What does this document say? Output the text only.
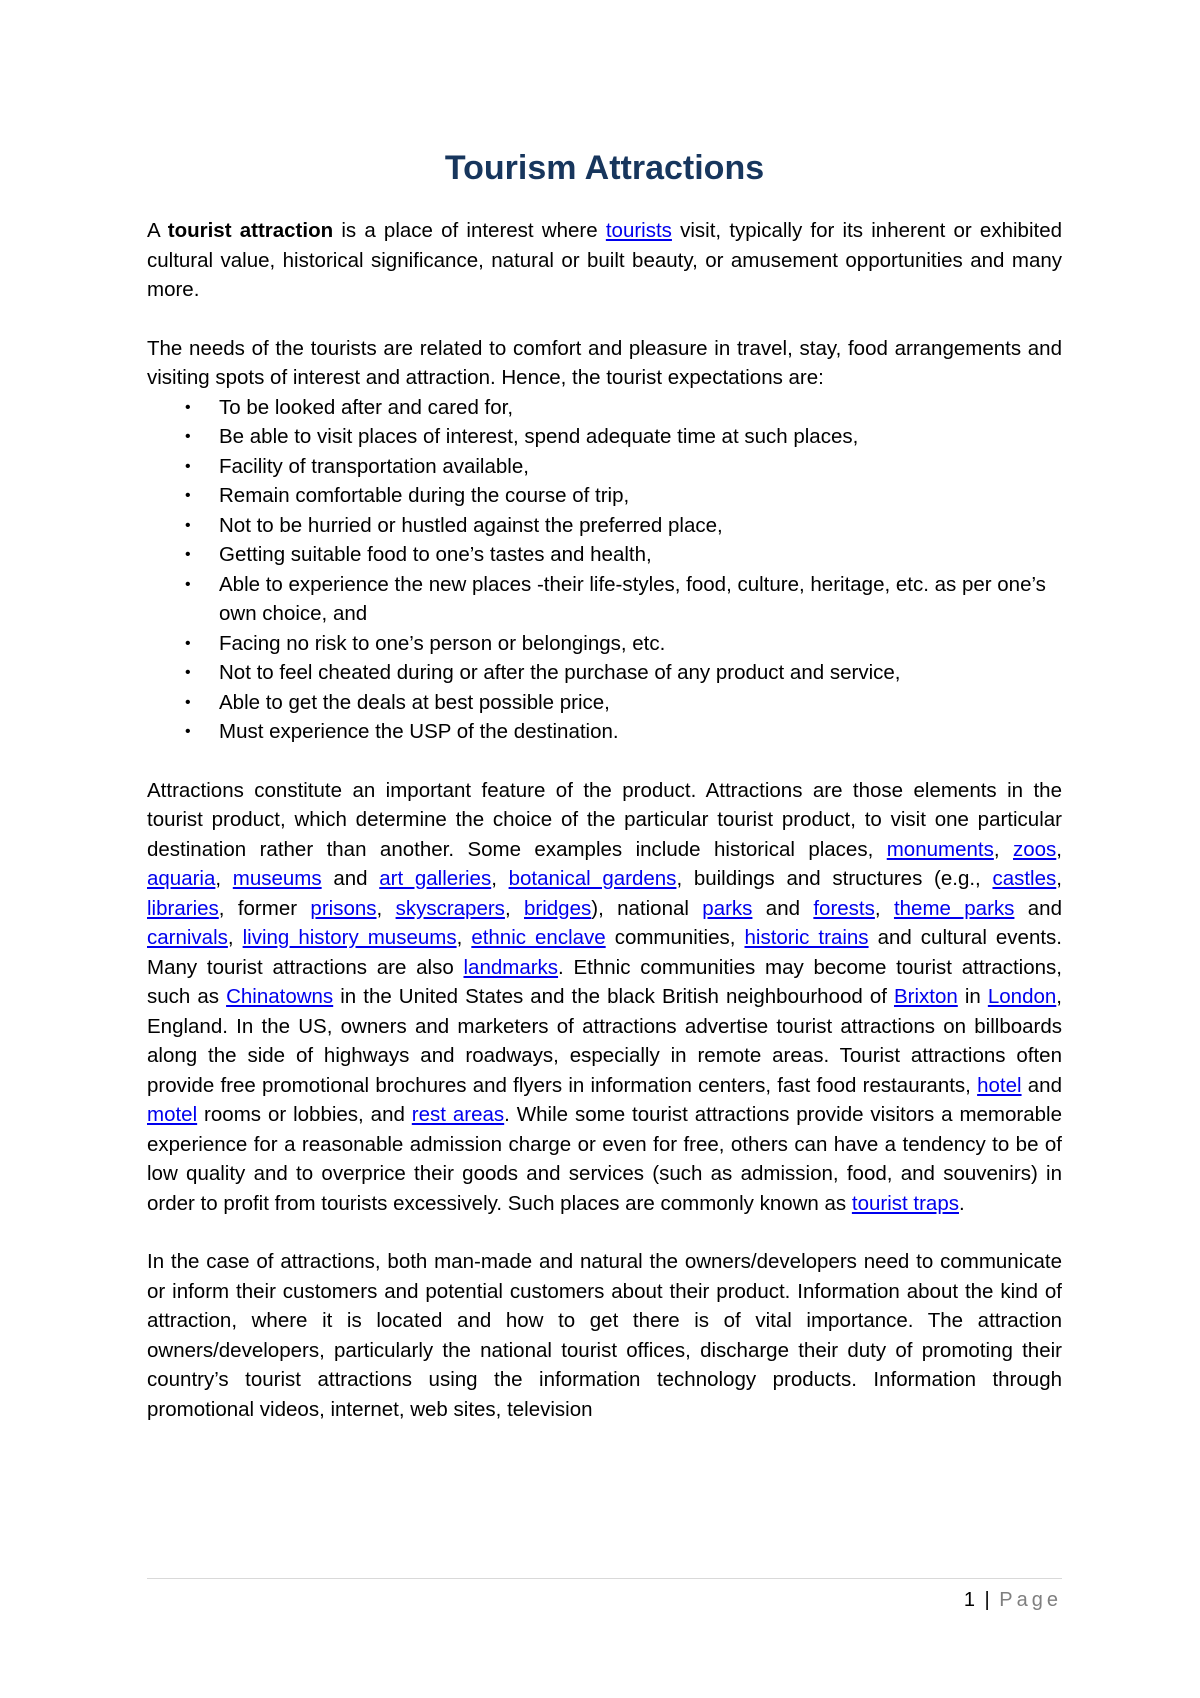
Tourism Attractions

A tourist attraction is a place of interest where tourists visit, typically for its inherent or exhibited cultural value, historical significance, natural or built beauty, or amusement opportunities and many more.

The needs of the tourists are related to comfort and pleasure in travel, stay, food arrangements and visiting spots of interest and attraction. Hence, the tourist expectations are:

• To be looked after and cared for,
• Be able to visit places of interest, spend adequate time at such places,
• Facility of transportation available,
• Remain comfortable during the course of trip,
• Not to be hurried or hustled against the preferred place,
• Getting suitable food to one’s tastes and health,
• Able to experience the new places -their life-styles, food, culture, heritage, etc. as per one’s own choice, and
• Facing no risk to one’s person or belongings, etc.
• Not to feel cheated during or after the purchase of any product and service,
• Able to get the deals at best possible price,
• Must experience the USP of the destination.

Attractions constitute an important feature of the product. Attractions are those elements in the tourist product, which determine the choice of the particular tourist product, to visit one particular destination rather than another. Some examples include historical places, monuments, zoos, aquaria, museums and art galleries, botanical gardens, buildings and structures (e.g., castles, libraries, former prisons, skyscrapers, bridges), national parks and forests, theme parks and carnivals, living history museums, ethnic enclave communities, historic trains and cultural events. Many tourist attractions are also landmarks. Ethnic communities may become tourist attractions, such as Chinatowns in the United States and the black British neighbourhood of Brixton in London, England. In the US, owners and marketers of attractions advertise tourist attractions on billboards along the side of highways and roadways, especially in remote areas. Tourist attractions often provide free promotional brochures and flyers in information centers, fast food restaurants, hotel and motel rooms or lobbies, and rest areas. While some tourist attractions provide visitors a memorable experience for a reasonable admission charge or even for free, others can have a tendency to be of low quality and to overprice their goods and services (such as admission, food, and souvenirs) in order to profit from tourists excessively. Such places are commonly known as tourist traps.

In the case of attractions, both man-made and natural the owners/developers need to communicate or inform their customers and potential customers about their product. Information about the kind of attraction, where it is located and how to get there is of vital importance. The attraction owners/developers, particularly the national tourist offices, discharge their duty of promoting their country’s tourist attractions using the information technology products. Information through promotional videos, internet, web sites, television

1 | Page
